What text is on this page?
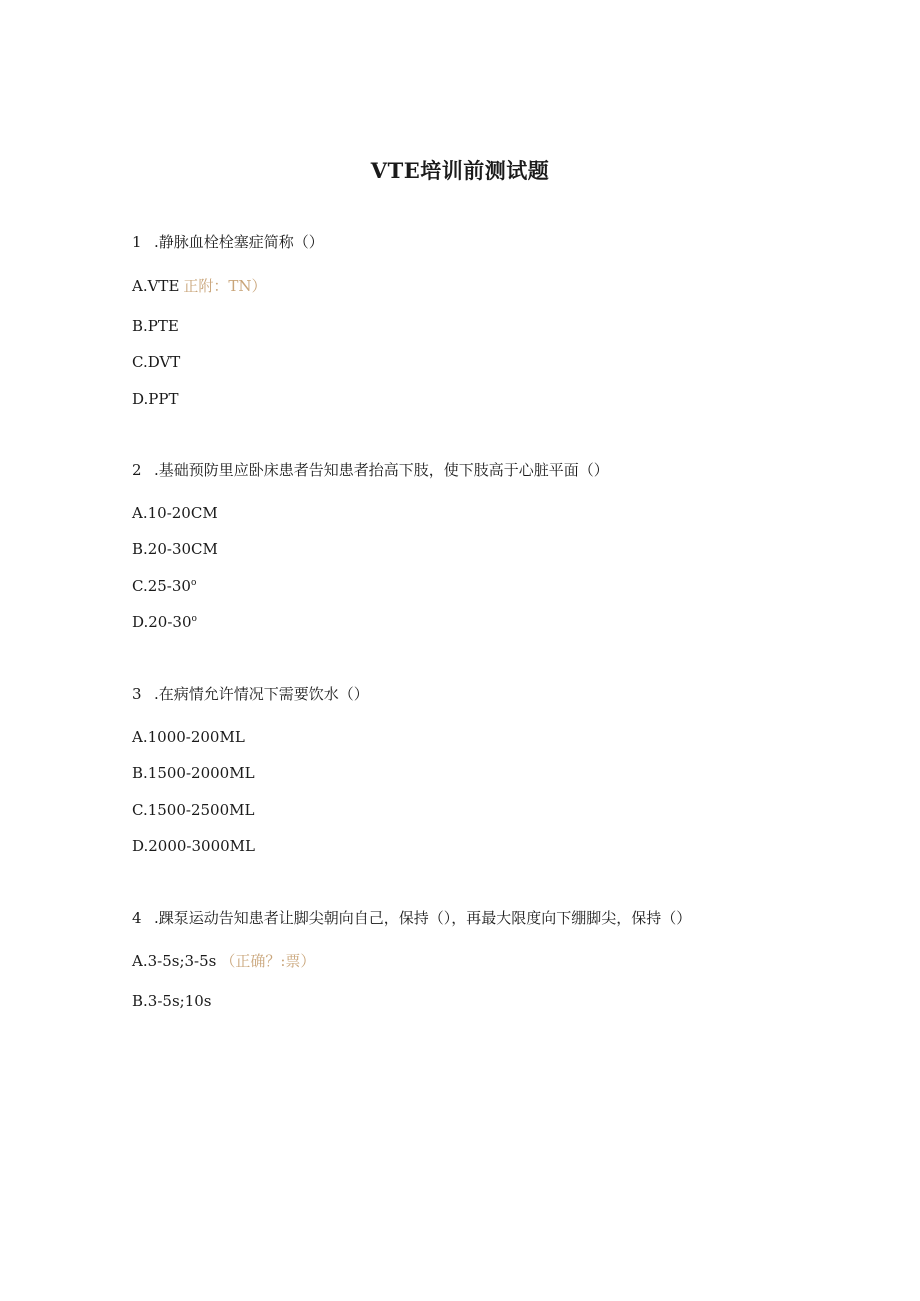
VTE培训前测试题
1 .静脉血栓栓塞症简称（）
A.VTE 正附：TN）
B.PTE
C.DVT
D.PPT
2 .基础预防里应卧床患者告知患者抬高下肢，使下肢高于心脏平面（）
A.10-20CM
B.20-30CM
C.25-30$^o$
D.20-30$^o$
3 .在病情允许情况下需要饮水（）
A.1000-200ML
B.1500-2000ML
C.1500-2500ML
D.2000-3000ML
4 .踝泵运动告知患者让脚尖朝向自己，保持（），再最大限度向下绷脚尖，保持（）
A.3-5s;3-5s （正确？:票）
B.3-5s;10s
